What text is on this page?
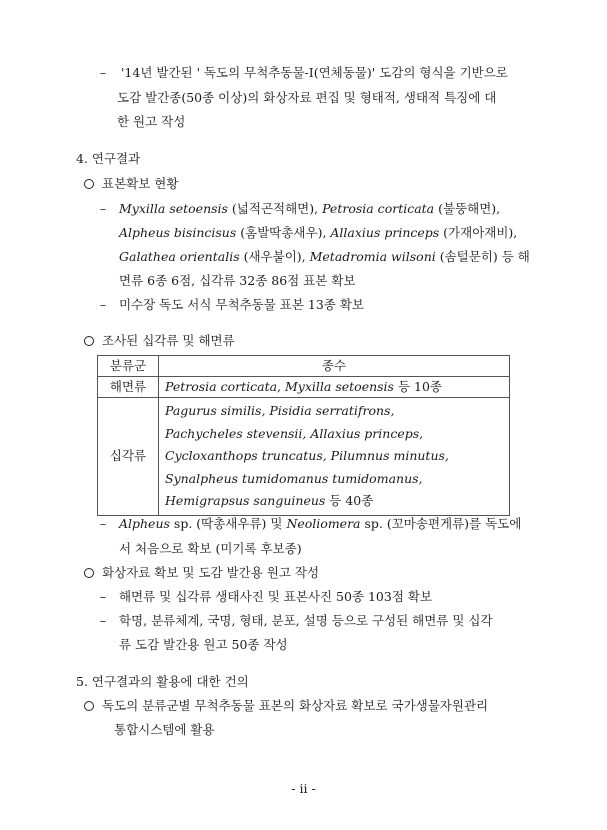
– '14년 발간된 ' 독도의 무척추동물-I(연체동물)' 도감의 형식을 기반으로
도감 발간종(50종 이상)의 화상자료 편집 및 형태적, 생태적 특징에 대
한 원고 작성
4. 연구결과
표본확보 현황
– Myxilla setoensis (넓적곤적해면), Petrosia corticata (불뚱해면),
Alpheus bisincisus (홈발딱총새우), Allaxius princeps (가재아재비),
Galathea orientalis (새우붙이), Metadromia wilsoni (솜털문히) 등 해
면류 6종 6점, 십각류 32종 86점 표본 확보
– 미수장 독도 서식 무척추동물 표본 13종 확보
조사된 십각류 및 해면류
분류군	종수
해면류	Petrosia corticata, Myxilla setoensis 등 10종
십각류	Pagurus similis, Pisidia serratifrons,
Pachycheles stevensii, Allaxius princeps,
Cycloxanthops truncatus, Pilumnus minutus,
Synalpheus tumidomanus tumidomanus,
Hemigrapsus sanguineus 등 40종
– Alpheus sp. (딱총새우류) 및 Neoliomera sp. (꼬마송편게류)를 독도에
서 처음으로 확보 (미기록 후보종)
화상자료 확보 및 도감 발간용 원고 작성
– 해면류 및 십각류 생태사진 및 표본사진 50종 103점 확보
– 학명, 분류체계, 국명, 형태, 분포, 설명 등으로 구성된 해면류 및 십각
류 도감 발간용 원고 50종 작성
5. 연구결과의 활용에 대한 건의
독도의 분류군별 무척추동물 표본의 화상자료 확보로 국가생물자원관리
통합시스템에 활용
- ii -
